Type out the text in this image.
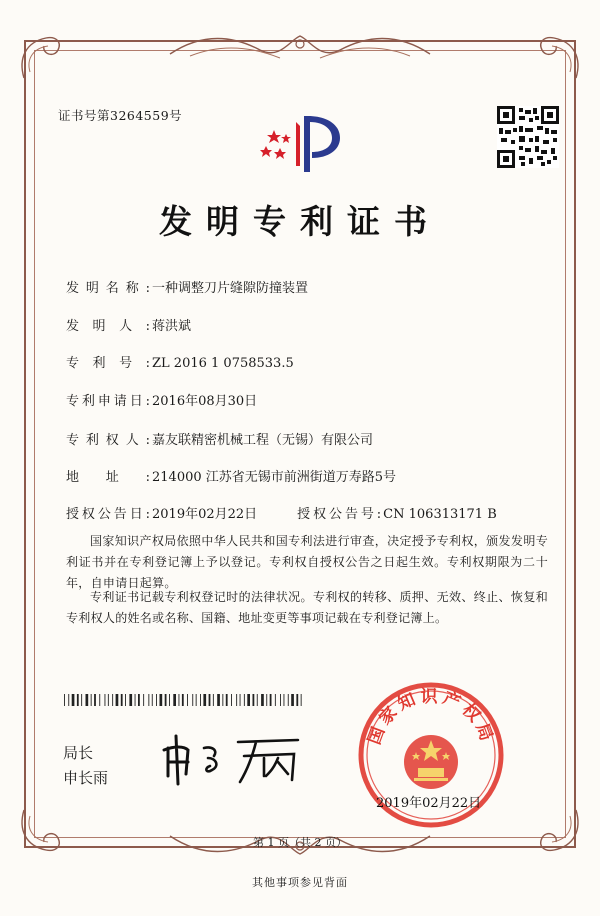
证书号第3264559号
发明专利证书
发明名称: 一种调整刀片缝隙防撞装置
发明人: 蒋洪斌
专利号: ZL 2016 1 0758533.5
专利申请日: 2016年08月30日
专利权人: 嘉友联精密机械工程（无锡）有限公司
地址: 214000 江苏省无锡市前洲街道万寿路5号
授权公告日: 2019年02月22日	授权公告号: CN 106313171 B
国家知识产权局依照中华人民共和国专利法进行审查，决定授予专利权，颁发发明专利证书并在专利登记簿上予以登记。专利权自授权公告之日起生效。专利权期限为二十年，自申请日起算。
专利证书记载专利权登记时的法律状况。专利权的转移、质押、无效、终止、恢复和专利权人的姓名或名称、国籍、地址变更等事项记载在专利登记簿上。
局长
申长雨
国家知识产权局
2019年02月22日
第 1 页（共 2 页）
其他事项参见背面
